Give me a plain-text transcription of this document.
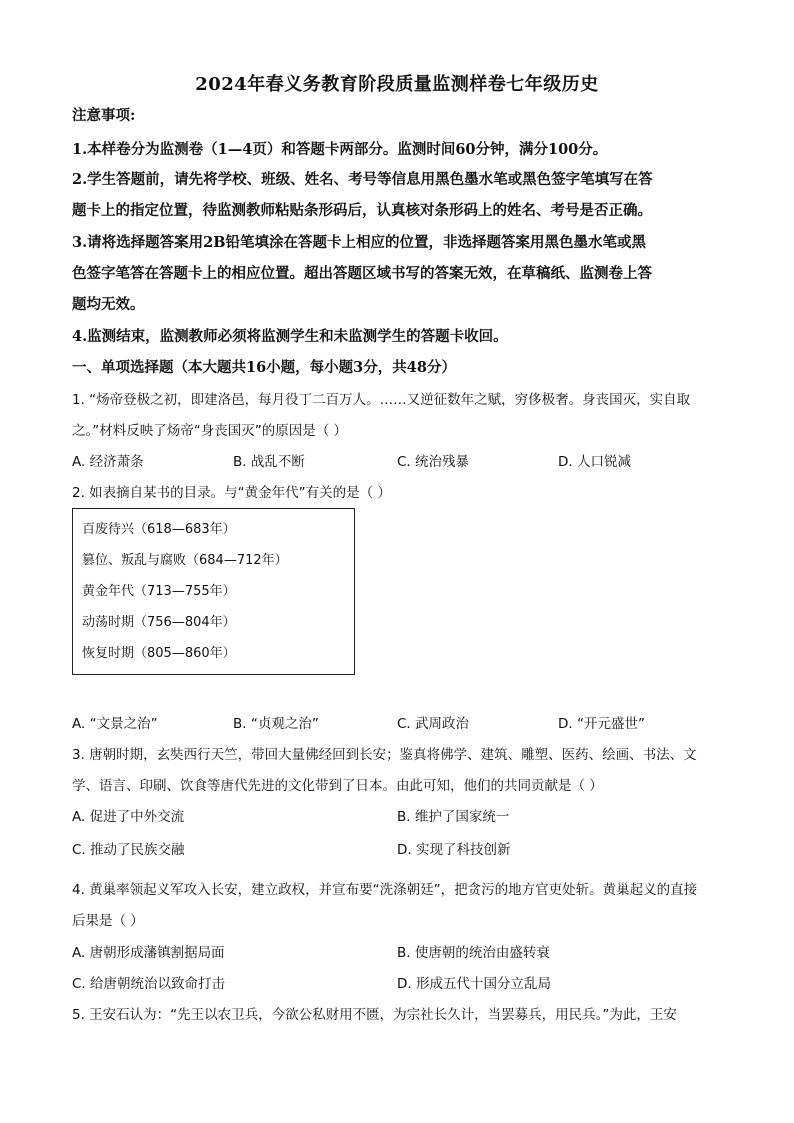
2024年春义务教育阶段质量监测样卷七年级历史
注意事项:
1.本样卷分为监测卷（1—4页）和答题卡两部分。监测时间60分钟，满分100分。
2.学生答题前，请先将学校、班级、姓名、考号等信息用黑色墨水笔或黑色签字笔填写在答
题卡上的指定位置，待监测教师粘贴条形码后，认真核对条形码上的姓名、考号是否正确。
3.请将选择题答案用2B铅笔填涂在答题卡上相应的位置，非选择题答案用黑色墨水笔或黑
色签字笔答在答题卡上的相应位置。超出答题区域书写的答案无效，在草稿纸、监测卷上答
题均无效。
4.监测结束，监测教师必须将监测学生和未监测学生的答题卡收回。
一、单项选择题（本大题共16小题，每小题3分，共48分）
1. “炀帝登极之初，即建洛邑，每月役丁二百万人。……又逆征数年之赋，穷侈极奢。身丧国灭，实自取
之。”材料反映了炀帝“身丧国灭”的原因是（ ）
A. 经济萧条	B. 战乱不断	C. 统治残暴	D. 人口锐减
2. 如表摘自某书的目录。与“黄金年代”有关的是（ ）
百废待兴（618—683年）
篡位、叛乱与腐败（684—712年）
黄金年代（713—755年）
动荡时期（756—804年）
恢复时期（805—860年）
A. “文景之治”	B. “贞观之治”	C. 武周政治	D. “开元盛世”
3. 唐朝时期，玄奘西行天竺，带回大量佛经回到长安；鉴真将佛学、建筑、雕塑、医药、绘画、书法、文
学、语言、印刷、饮食等唐代先进的文化带到了日本。由此可知，他们的共同贡献是（ ）
A. 促进了中外交流	B. 维护了国家统一
C. 推动了民族交融	D. 实现了科技创新
4. 黄巢率领起义军攻入长安，建立政权，并宣布要“洗涤朝廷”，把贪污的地方官吏处斩。黄巢起义的直接
后果是（ ）
A. 唐朝形成藩镇割据局面	B. 使唐朝的统治由盛转衰
C. 给唐朝统治以致命打击	D. 形成五代十国分立乱局
5. 王安石认为：“先王以农卫兵，今欲公私财用不匮，为宗社长久计，当罢募兵，用民兵。”为此，王安
